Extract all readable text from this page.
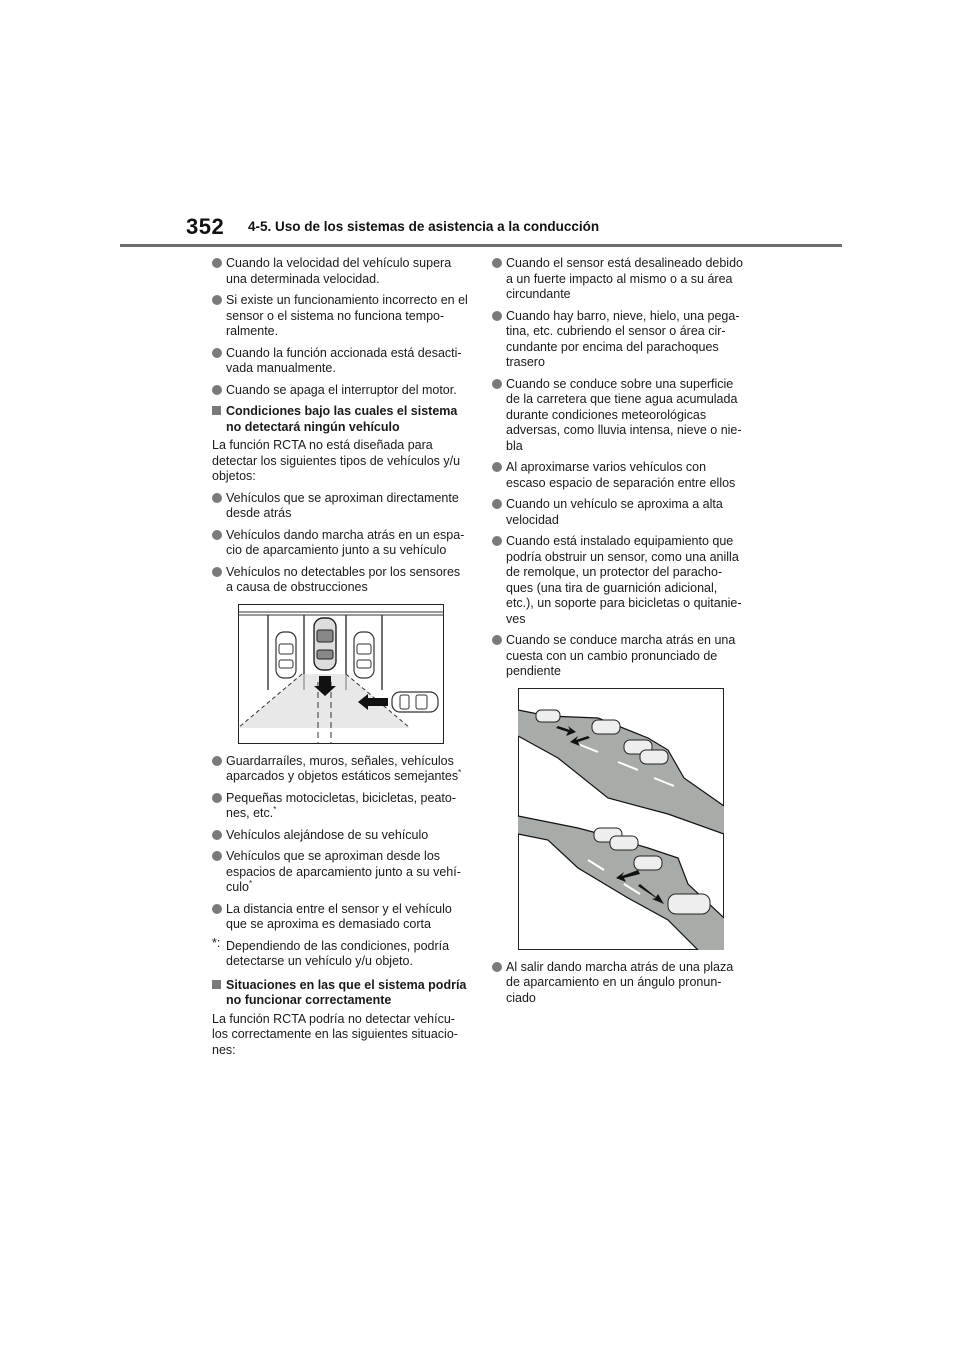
352 4-5. Uso de los sistemas de asistencia a la conducción
Cuando la velocidad del vehículo supera una determinada velocidad.
Si existe un funcionamiento incorrecto en el sensor o el sistema no funciona tempo-ralmente.
Cuando la función accionada está desacti-vada manualmente.
Cuando se apaga el interruptor del motor.
Condiciones bajo las cuales el sistema no detectará ningún vehículo
La función RCTA no está diseñada para detectar los siguientes tipos de vehículos y/u objetos:
Vehículos que se aproximan directamente desde atrás
Vehículos dando marcha atrás en un espa-cio de aparcamiento junto a su vehículo
Vehículos no detectables por los sensores a causa de obstrucciones
Guardarraíles, muros, señales, vehículos aparcados y objetos estáticos semejantes*
Pequeñas motocicletas, bicicletas, peato-nes, etc.*
Vehículos alejándose de su vehículo
Vehículos que se aproximan desde los espacios de aparcamiento junto a su vehí-culo*
La distancia entre el sensor y el vehículo que se aproxima es demasiado corta
*: Dependiendo de las condiciones, podría detectarse un vehículo y/u objeto.
Situaciones en las que el sistema podría no funcionar correctamente
La función RCTA podría no detectar vehícu-los correctamente en las siguientes situacio-nes:
Cuando el sensor está desalineado debido a un fuerte impacto al mismo o a su área circundante
Cuando hay barro, nieve, hielo, una pega-tina, etc. cubriendo el sensor o área cir-cundante por encima del parachoques trasero
Cuando se conduce sobre una superficie de la carretera que tiene agua acumulada durante condiciones meteorológicas adversas, como lluvia intensa, nieve o nie-bla
Al aproximarse varios vehículos con escaso espacio de separación entre ellos
Cuando un vehículo se aproxima a alta velocidad
Cuando está instalado equipamiento que podría obstruir un sensor, como una anilla de remolque, un protector del paracho-ques (una tira de guarnición adicional, etc.), un soporte para bicicletas o quitanie-ves
Cuando se conduce marcha atrás en una cuesta con un cambio pronunciado de pendiente
Al salir dando marcha atrás de una plaza de aparcamiento en un ángulo pronun-ciado
